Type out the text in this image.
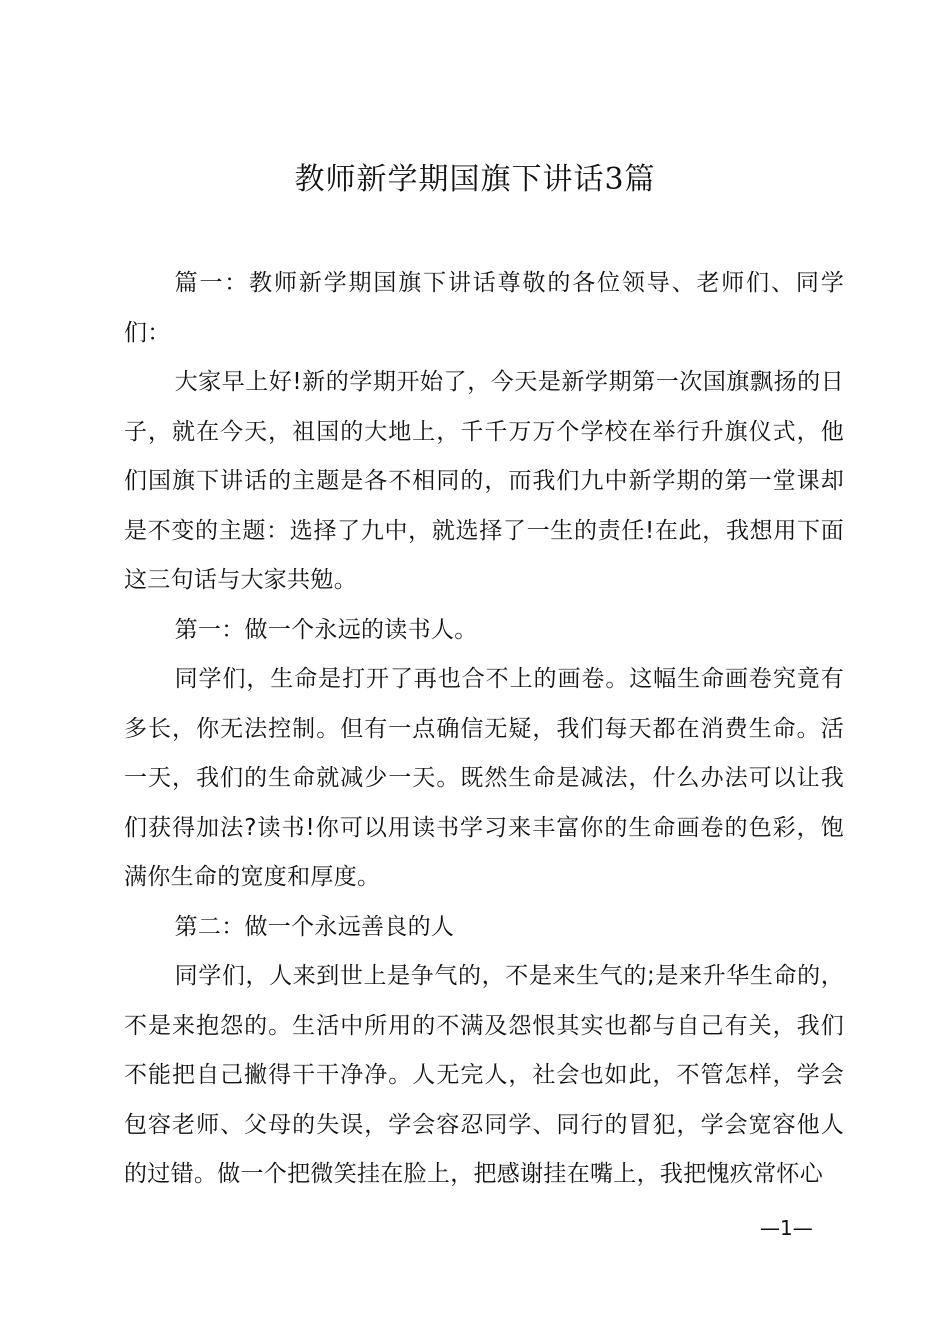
教师新学期国旗下讲话3篇

篇一：教师新学期国旗下讲话尊敬的各位领导、老师们、同学们：

大家早上好!新的学期开始了，今天是新学期第一次国旗飘扬的日子，就在今天，祖国的大地上，千千万万个学校在举行升旗仪式，他们国旗下讲话的主题是各不相同的，而我们九中新学期的第一堂课却是不变的主题：选择了九中，就选择了一生的责任!在此，我想用下面这三句话与大家共勉。

第一：做一个永远的读书人。

同学们，生命是打开了再也合不上的画卷。这幅生命画卷究竟有多长，你无法控制。但有一点确信无疑，我们每天都在消费生命。活一天，我们的生命就减少一天。既然生命是减法，什么办法可以让我们获得加法?读书!你可以用读书学习来丰富你的生命画卷的色彩，饱满你生命的宽度和厚度。

第二：做一个永远善良的人

同学们，人来到世上是争气的，不是来生气的;是来升华生命的，不是来抱怨的。生活中所用的不满及怨恨其实也都与自己有关，我们不能把自己撇得干干净净。人无完人，社会也如此，不管怎样，学会包容老师、父母的失误，学会容忍同学、同行的冒犯，学会宽容他人的过错。做一个把微笑挂在脸上，把感谢挂在嘴上，我把愧疚常怀心

—1—
